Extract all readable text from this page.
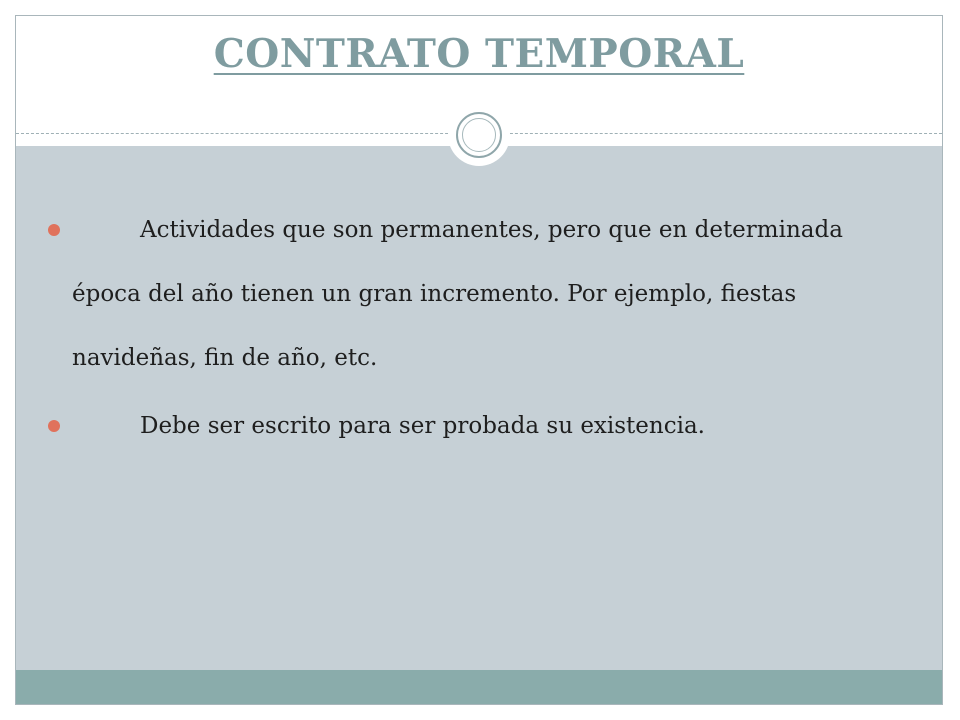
CONTRATO TEMPORAL
Actividades que son permanentes, pero que en determinada época del año tienen un gran incremento. Por ejemplo, fiestas navideñas, fin de año, etc.
Debe ser escrito para ser probada su existencia.
